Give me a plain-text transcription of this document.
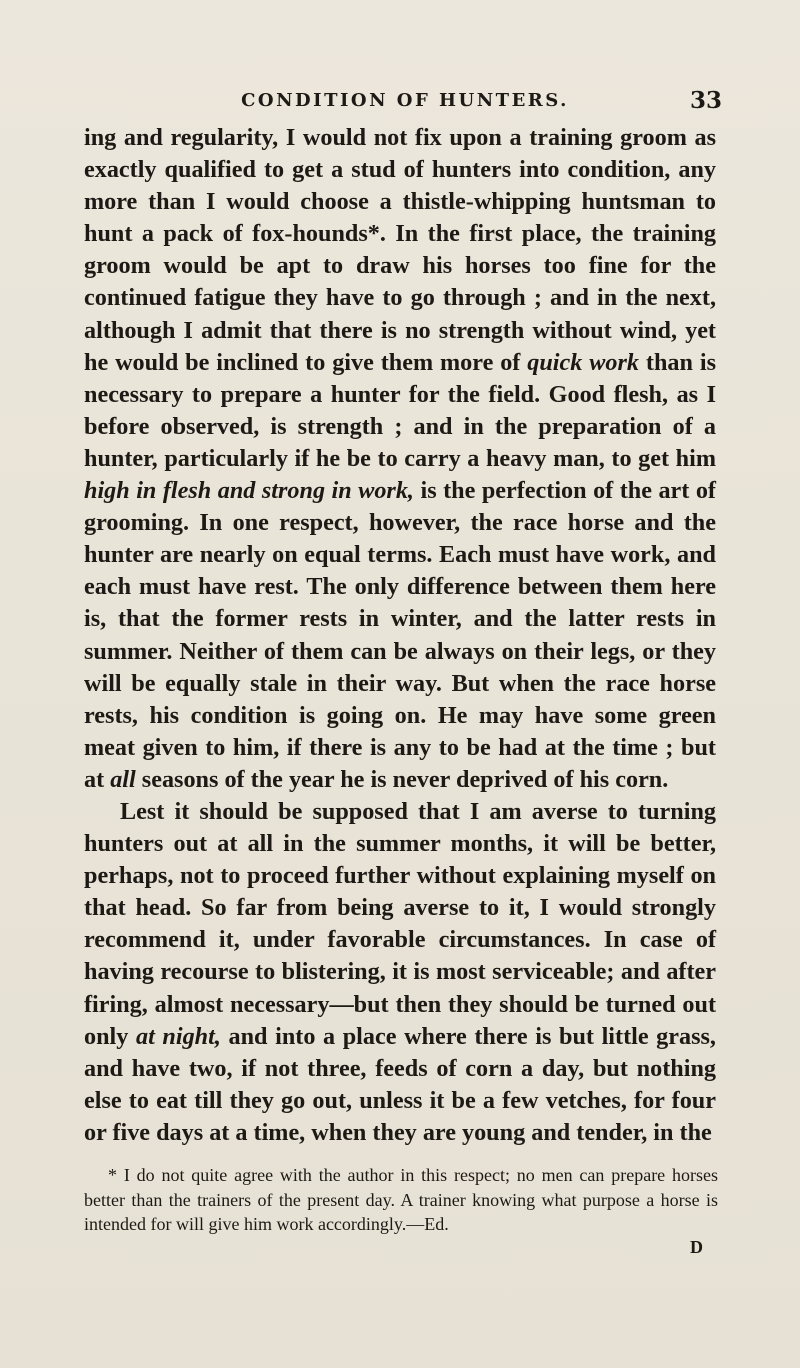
CONDITION OF HUNTERS.	33

ing and regularity, I would not fix upon a training groom as exactly qualified to get a stud of hunters into condition, any more than I would choose a thistle-whipping huntsman to hunt a pack of fox-hounds*. In the first place, the training groom would be apt to draw his horses too fine for the continued fatigue they have to go through ; and in the next, although I admit that there is no strength without wind, yet he would be inclined to give them more of quick work than is necessary to prepare a hunter for the field. Good flesh, as I before observed, is strength ; and in the preparation of a hunter, particularly if he be to carry a heavy man, to get him high in flesh and strong in work, is the perfection of the art of grooming. In one respect, however, the race horse and the hunter are nearly on equal terms. Each must have work, and each must have rest. The only difference between them here is, that the former rests in winter, and the latter rests in summer. Neither of them can be always on their legs, or they will be equally stale in their way. But when the race horse rests, his condition is going on. He may have some green meat given to him, if there is any to be had at the time ; but at all seasons of the year he is never deprived of his corn.

Lest it should be supposed that I am averse to turning hunters out at all in the summer months, it will be better, perhaps, not to proceed further without explaining myself on that head. So far from being averse to it, I would strongly recommend it, under favorable circumstances. In case of having recourse to blistering, it is most serviceable; and after firing, almost necessary—but then they should be turned out only at night, and into a place where there is but little grass, and have two, if not three, feeds of corn a day, but nothing else to eat till they go out, unless it be a few vetches, for four or five days at a time, when they are young and tender, in the

* I do not quite agree with the author in this respect; no men can prepare horses better than the trainers of the present day. A trainer knowing what purpose a horse is intended for will give him work accordingly.—Ed.
D
